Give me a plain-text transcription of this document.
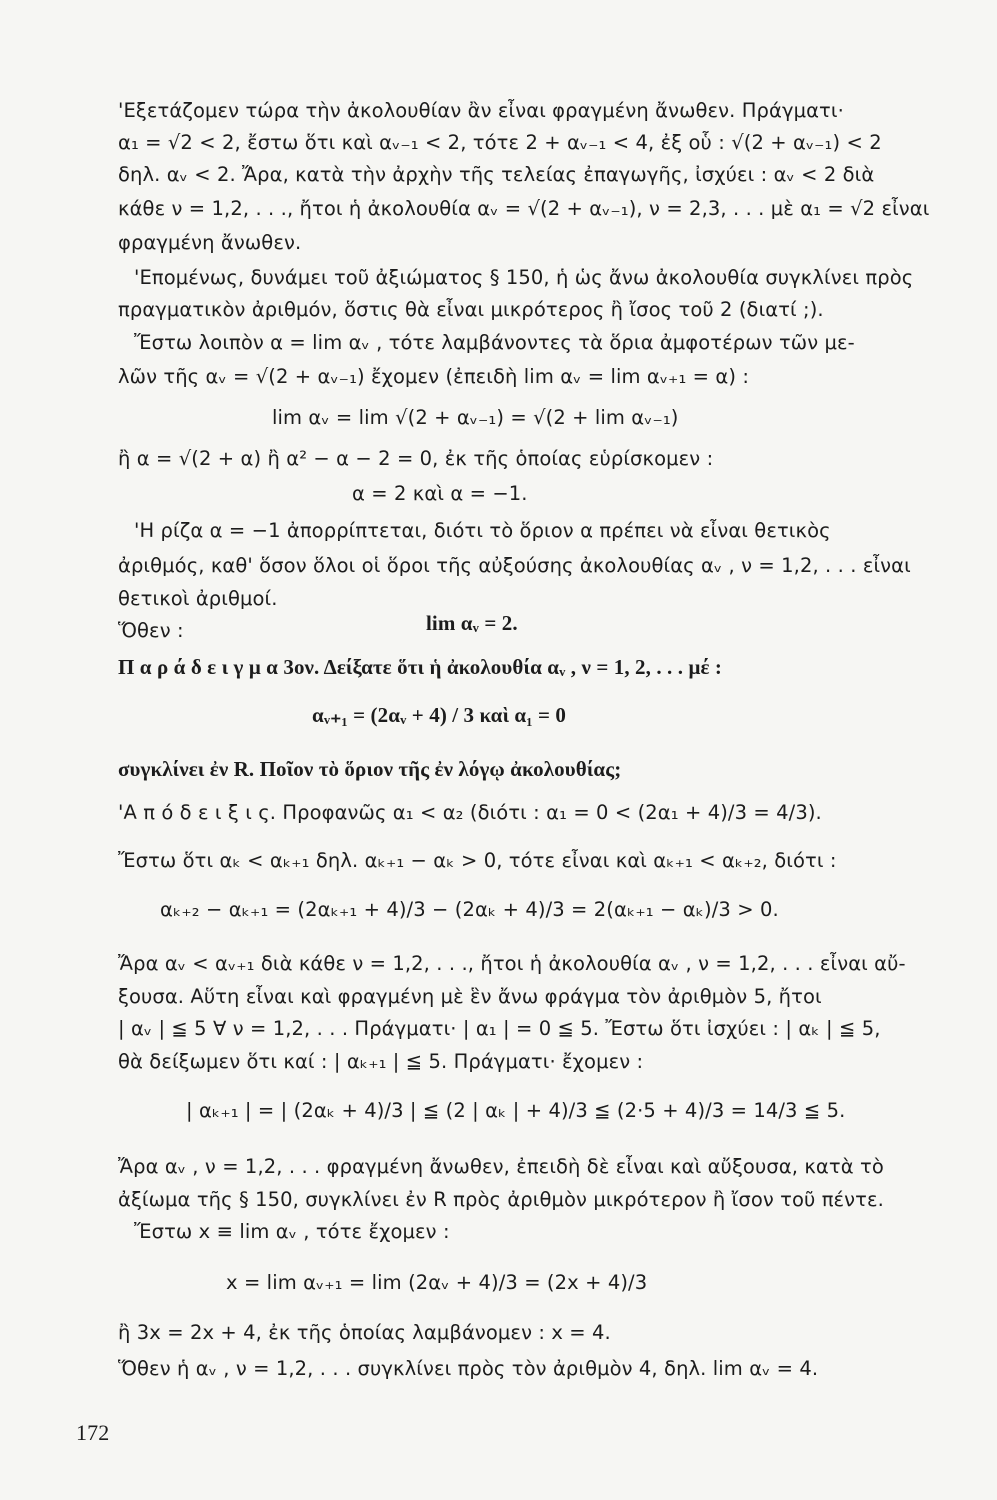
'Εξετάζομεν τώρα τὴν ἀκολουθίαν ἂν εἶναι φραγμένη ἄνωθεν. Πράγματι·
α₁ = √2 < 2, ἔστω ὅτι καὶ αᵥ₋₁ < 2, τότε 2 + αᵥ₋₁ < 4, ἐξ οὗ : √(2 + αᵥ₋₁) < 2
δηλ. αᵥ < 2. Ἄρα, κατὰ τὴν ἀρχὴν τῆς τελείας ἐπαγωγῆς, ἰσχύει : αᵥ < 2 διὰ
κάθε ν = 1,2, . . ., ἤτοι ἡ ἀκολουθία αᵥ = √(2 + αᵥ₋₁), ν = 2,3, . . . μὲ α₁ = √2 εἶναι
φραγμένη ἄνωθεν.
'Επομένως, δυνάμει τοῦ ἀξιώματος § 150, ἡ ὡς ἄνω ἀκολουθία συγκλίνει πρὸς
πραγματικὸν ἀριθμόν, ὅστις θὰ εἶναι μικρότερος ἢ ἴσος τοῦ 2 (διατί ;).
Ἔστω λοιπὸν α = lim αᵥ , τότε λαμβάνοντες τὰ ὅρια ἀμφοτέρων τῶν με-
λῶν τῆς αᵥ = √(2 + αᵥ₋₁) ἔχομεν (ἐπειδὴ lim αᵥ = lim αᵥ₊₁ = α) :
lim αᵥ = lim √(2 + αᵥ₋₁) = √(2 + lim αᵥ₋₁)
ἢ α = √(2 + α) ἢ α² − α − 2 = 0, ἐκ τῆς ὁποίας εὑρίσκομεν :
α = 2 καὶ α = −1.
'Η ρίζα α = −1 ἀπορρίπτεται, διότι τὸ ὅριον α πρέπει νὰ εἶναι θετικὸς
ἀριθμός, καθ' ὅσον ὅλοι οἱ ὅροι τῆς αὐξούσης ἀκολουθίας αᵥ , ν = 1,2, . . . εἶναι
θετικοὶ ἀριθμοί.
Ὅθεν :	lim αᵥ = 2.
Π α ρ ά δ ε ι γ μ α 3ον. Δείξατε ὅτι ἡ ἀκολουθία αᵥ , ν = 1, 2, . . . μέ :
αᵥ₊₁ = (2αᵥ + 4) / 3 καὶ α₁ = 0
συγκλίνει ἐν R. Ποῖον τὸ ὅριον τῆς ἐν λόγῳ ἀκολουθίας;
'Α π ό δ ε ι ξ ι ς. Προφανῶς α₁ < α₂ (διότι : α₁ = 0 < (2α₁ + 4)/3 = 4/3).
Ἔστω ὅτι αₖ < αₖ₊₁ δηλ. αₖ₊₁ − αₖ > 0, τότε εἶναι καὶ αₖ₊₁ < αₖ₊₂, διότι :
αₖ₊₂ − αₖ₊₁ = (2αₖ₊₁ + 4)/3 − (2αₖ + 4)/3 = 2(αₖ₊₁ − αₖ)/3 > 0.
Ἄρα αᵥ < αᵥ₊₁ διὰ κάθε ν = 1,2, . . ., ἤτοι ἡ ἀκολουθία αᵥ , ν = 1,2, . . . εἶναι αὔ-
ξουσα. Αὕτη εἶναι καὶ φραγμένη μὲ ἓν ἄνω φράγμα τὸν ἀριθμὸν 5, ἤτοι
| αᵥ | ≦ 5 ∀ ν = 1,2, . . . Πράγματι· | α₁ | = 0 ≦ 5. Ἔστω ὅτι ἰσχύει : | αₖ | ≦ 5,
θὰ δείξωμεν ὅτι καί : | αₖ₊₁ | ≦ 5. Πράγματι· ἔχομεν :
| αₖ₊₁ | = | (2αₖ + 4)/3 | ≦ (2 | αₖ | + 4)/3 ≦ (2·5 + 4)/3 = 14/3 ≦ 5.
Ἄρα αᵥ , ν = 1,2, . . . φραγμένη ἄνωθεν, ἐπειδὴ δὲ εἶναι καὶ αὔξουσα, κατὰ τὸ
ἀξίωμα τῆς § 150, συγκλίνει ἐν R πρὸς ἀριθμὸν μικρότερον ἢ ἴσον τοῦ πέντε.
Ἔστω x ≡ lim αᵥ , τότε ἔχομεν :
x = lim αᵥ₊₁ = lim (2αᵥ + 4)/3 = (2x + 4)/3
ἢ 3x = 2x + 4, ἐκ τῆς ὁποίας λαμβάνομεν : x = 4.
Ὅθεν ἡ αᵥ , ν = 1,2, . . . συγκλίνει πρὸς τὸν ἀριθμὸν 4, δηλ. lim αᵥ = 4.
172
